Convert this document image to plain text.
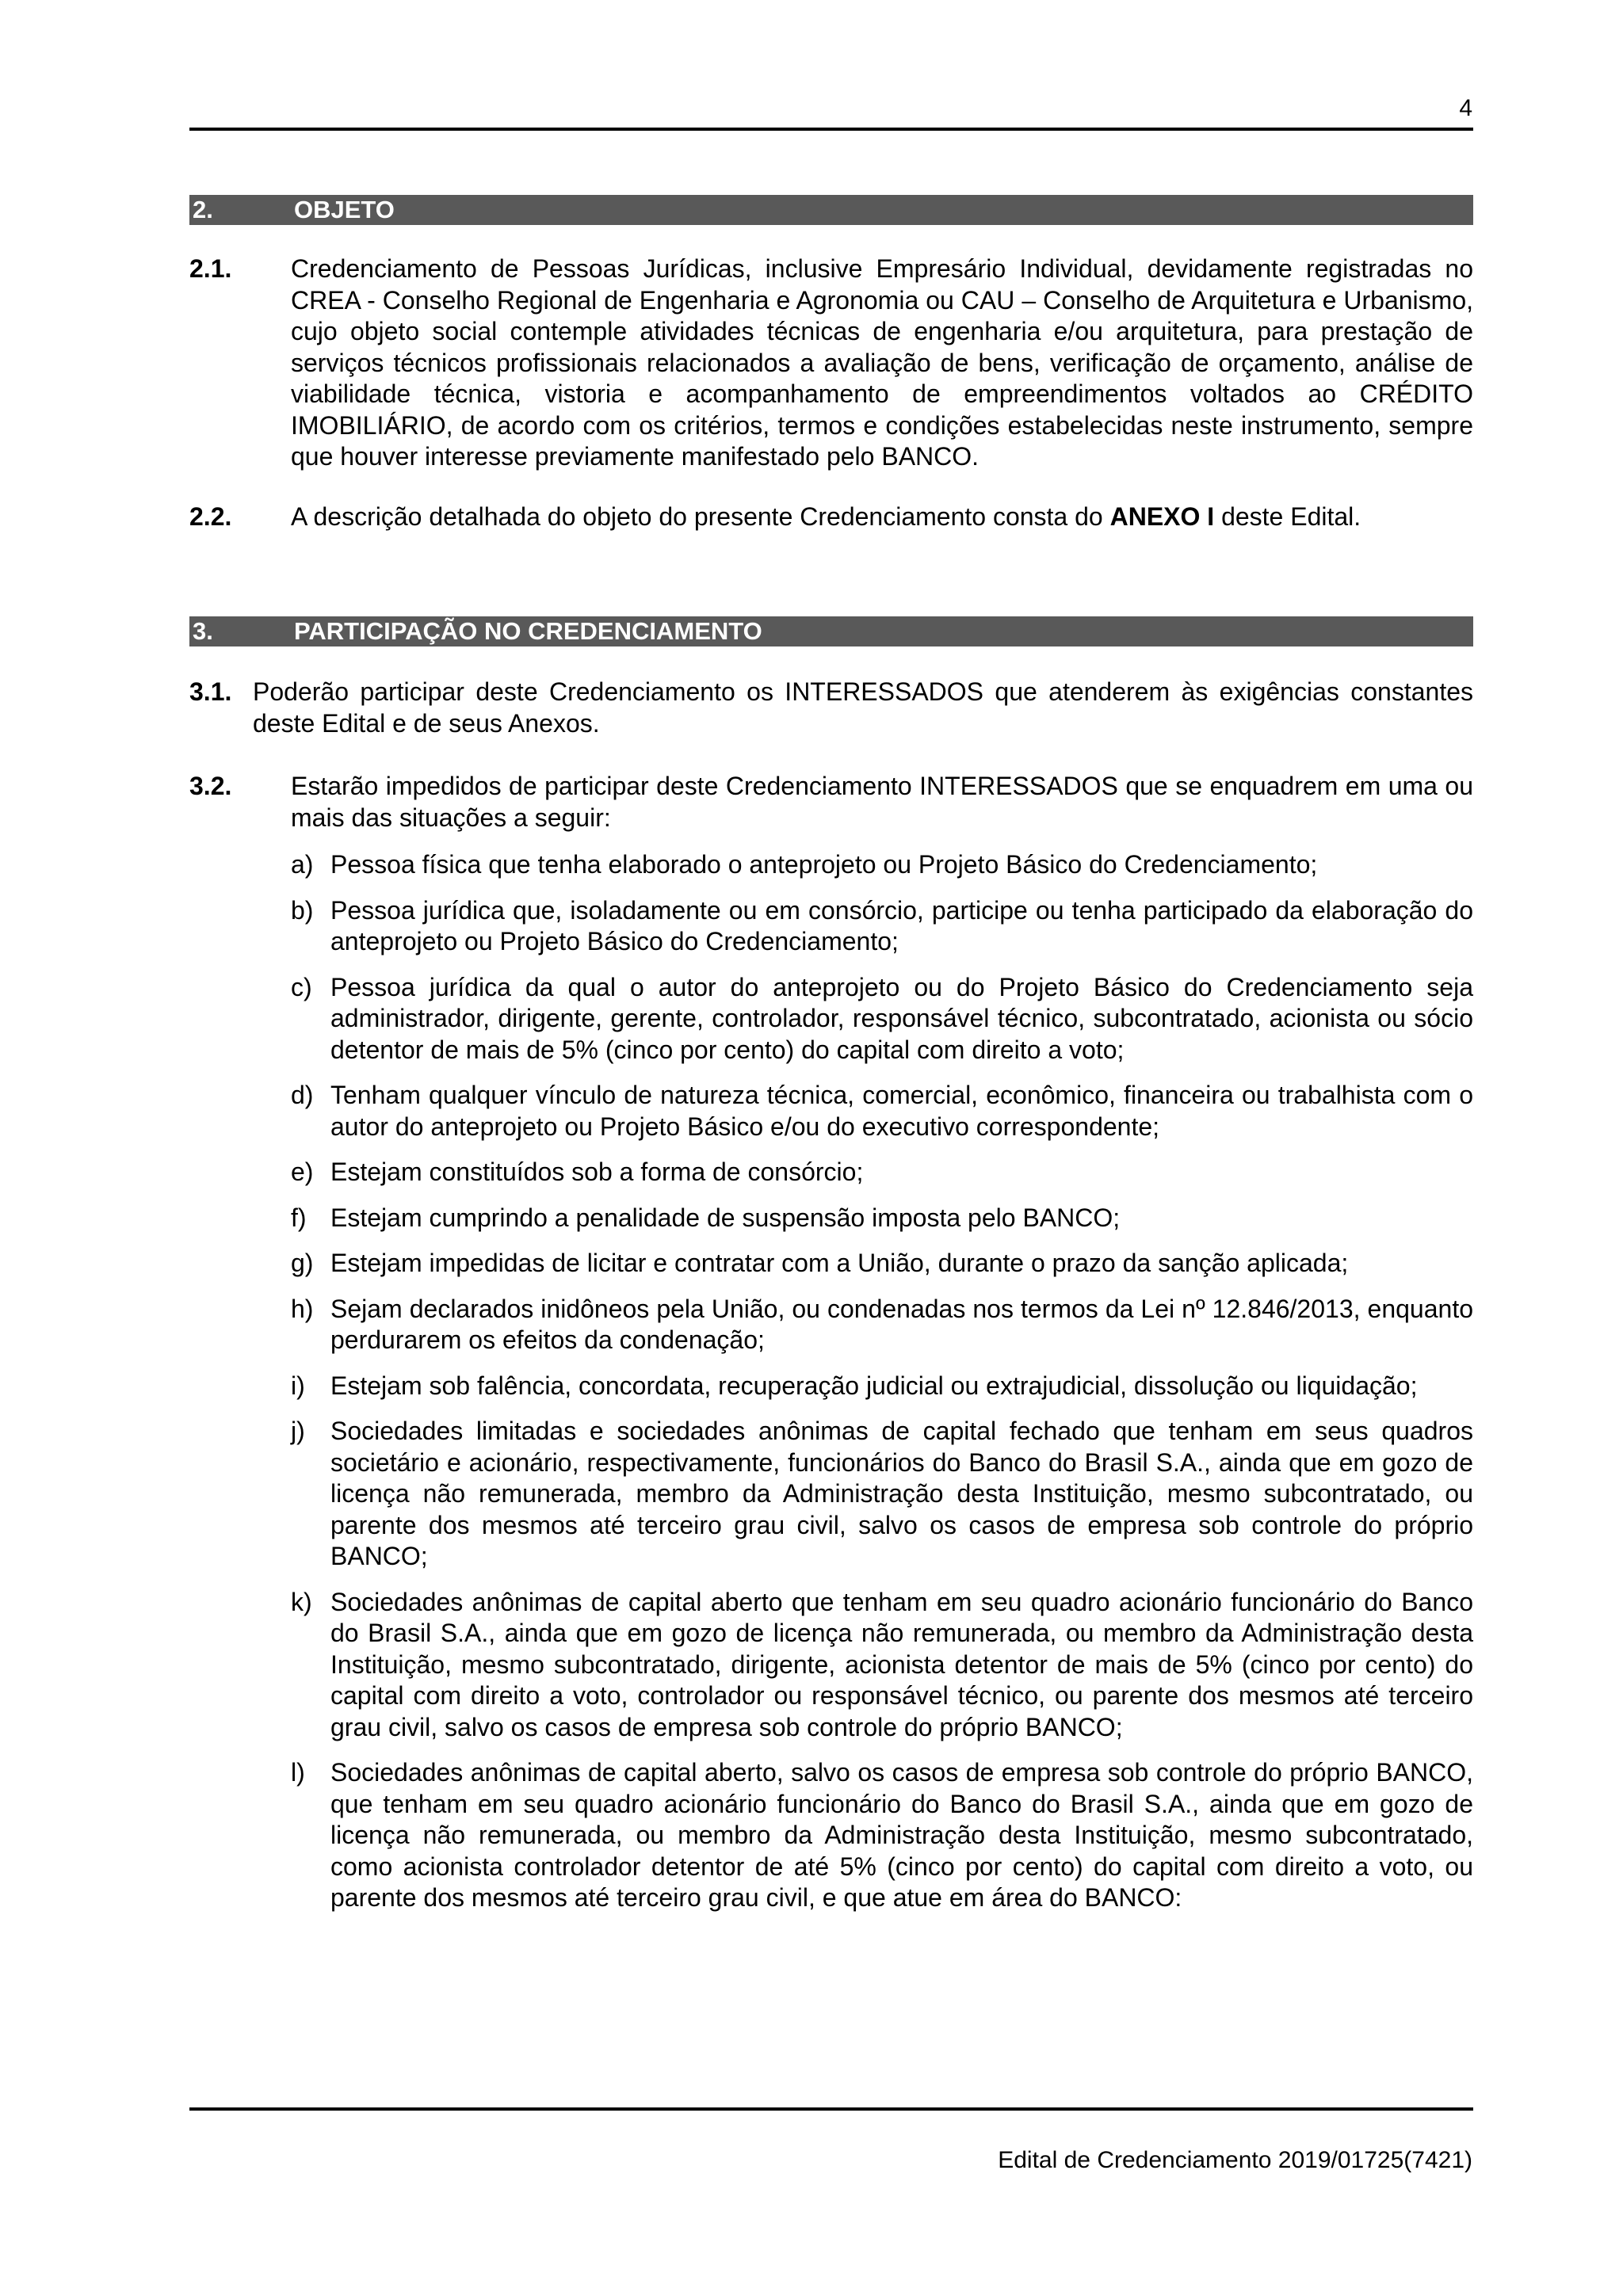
4
2.	OBJETO
2.1.	Credenciamento de Pessoas Jurídicas, inclusive Empresário Individual, devidamente registradas no CREA - Conselho Regional de Engenharia e Agronomia ou CAU – Conselho de Arquitetura e Urbanismo, cujo objeto social contemple atividades técnicas de engenharia e/ou arquitetura, para prestação de serviços técnicos profissionais relacionados a avaliação de bens, verificação de orçamento, análise de viabilidade técnica, vistoria e acompanhamento de empreendimentos voltados ao CRÉDITO IMOBILIÁRIO, de acordo com os critérios, termos e condições estabelecidas neste instrumento, sempre que houver interesse previamente manifestado pelo BANCO.
2.2.	A descrição detalhada do objeto do presente Credenciamento consta do ANEXO I deste Edital.
3.	PARTICIPAÇÃO NO CREDENCIAMENTO
3.1. Poderão participar deste Credenciamento os INTERESSADOS que atenderem às exigências constantes deste Edital e de seus Anexos.
3.2.	Estarão impedidos de participar deste Credenciamento INTERESSADOS que se enquadrem em uma ou mais das situações a seguir:
a) Pessoa física que tenha elaborado o anteprojeto ou Projeto Básico do Credenciamento;
b) Pessoa jurídica que, isoladamente ou em consórcio, participe ou tenha participado da elaboração do anteprojeto ou Projeto Básico do Credenciamento;
c) Pessoa jurídica da qual o autor do anteprojeto ou do Projeto Básico do Credenciamento seja administrador, dirigente, gerente, controlador, responsável técnico, subcontratado, acionista ou sócio detentor de mais de 5% (cinco por cento) do capital com direito a voto;
d) Tenham qualquer vínculo de natureza técnica, comercial, econômico, financeira ou trabalhista com o autor do anteprojeto ou Projeto Básico e/ou do executivo correspondente;
e) Estejam constituídos sob a forma de consórcio;
f) Estejam cumprindo a penalidade de suspensão imposta pelo BANCO;
g) Estejam impedidas de licitar e contratar com a União, durante o prazo da sanção aplicada;
h) Sejam declarados inidôneos pela União, ou condenadas nos termos da Lei nº 12.846/2013, enquanto perdurarem os efeitos da condenação;
i)	Estejam sob falência, concordata, recuperação judicial ou extrajudicial, dissolução ou liquidação;
j)	Sociedades limitadas e sociedades anônimas de capital fechado que tenham em seus quadros societário e acionário, respectivamente, funcionários do Banco do Brasil S.A., ainda que em gozo de licença não remunerada, membro da Administração desta Instituição, mesmo subcontratado, ou parente dos mesmos até terceiro grau civil, salvo os casos de empresa sob controle do próprio BANCO;
k) Sociedades anônimas de capital aberto que tenham em seu quadro acionário funcionário do Banco do Brasil S.A., ainda que em gozo de licença não remunerada, ou membro da Administração desta Instituição, mesmo subcontratado, dirigente, acionista detentor de mais de 5% (cinco por cento) do capital com direito a voto, controlador ou responsável técnico, ou parente dos mesmos até terceiro grau civil, salvo os casos de empresa sob controle do próprio BANCO;
l)	Sociedades anônimas de capital aberto, salvo os casos de empresa sob controle do próprio BANCO, que tenham em seu quadro acionário funcionário do Banco do Brasil S.A., ainda que em gozo de licença não remunerada, ou membro da Administração desta Instituição, mesmo subcontratado, como acionista controlador detentor de até 5% (cinco por cento) do capital com direito a voto, ou parente dos mesmos até terceiro grau civil, e que atue em área do BANCO:
Edital de Credenciamento 2019/01725(7421)
